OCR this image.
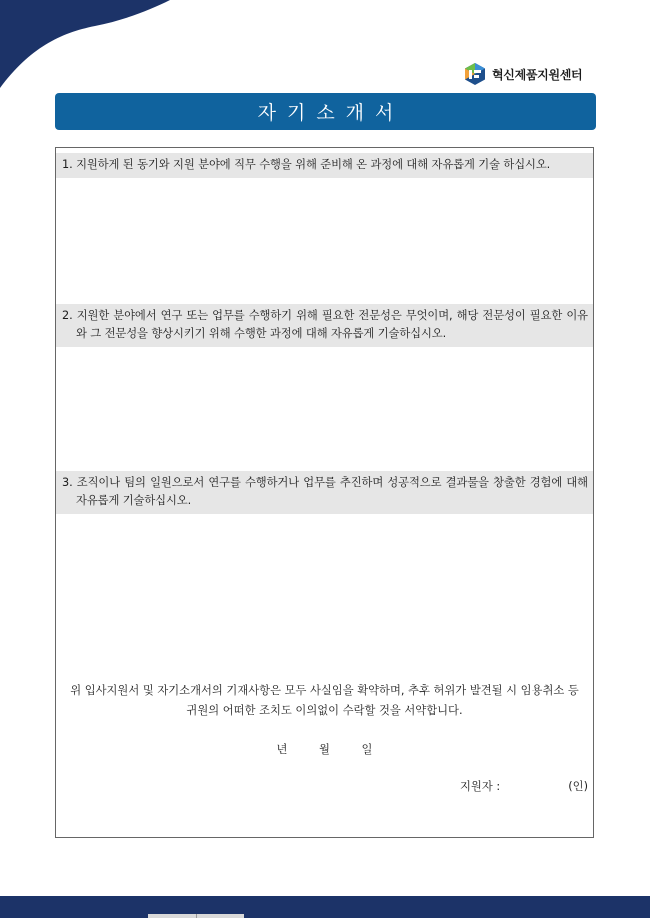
혁신제품지원센터
자기소개서
1. 지원하게 된 동기와 지원 분야에 직무 수행을 위해 준비해 온 과정에 대해 자유롭게 기술 하십시오.
2. 지원한 분야에서 연구 또는 업무를 수행하기 위해 필요한 전문성은 무엇이며, 해당 전문성이 필요한 이유와 그 전문성을 향상시키기 위해 수행한 과정에 대해 자유롭게 기술하십시오.
3. 조직이나 팀의 일원으로서 연구를 수행하거나 업무를 추진하며 성공적으로 결과물을 창출한 경험에 대해 자유롭게 기술하십시오.
위 입사지원서 및 자기소개서의 기재사항은 모두 사실임을 확약하며, 추후 허위가 발견될 시 임용취소 등
귀원의 어떠한 조치도 이의없이 수락할 것을 서약합니다.
년	월	일
지원자 :	(인)
